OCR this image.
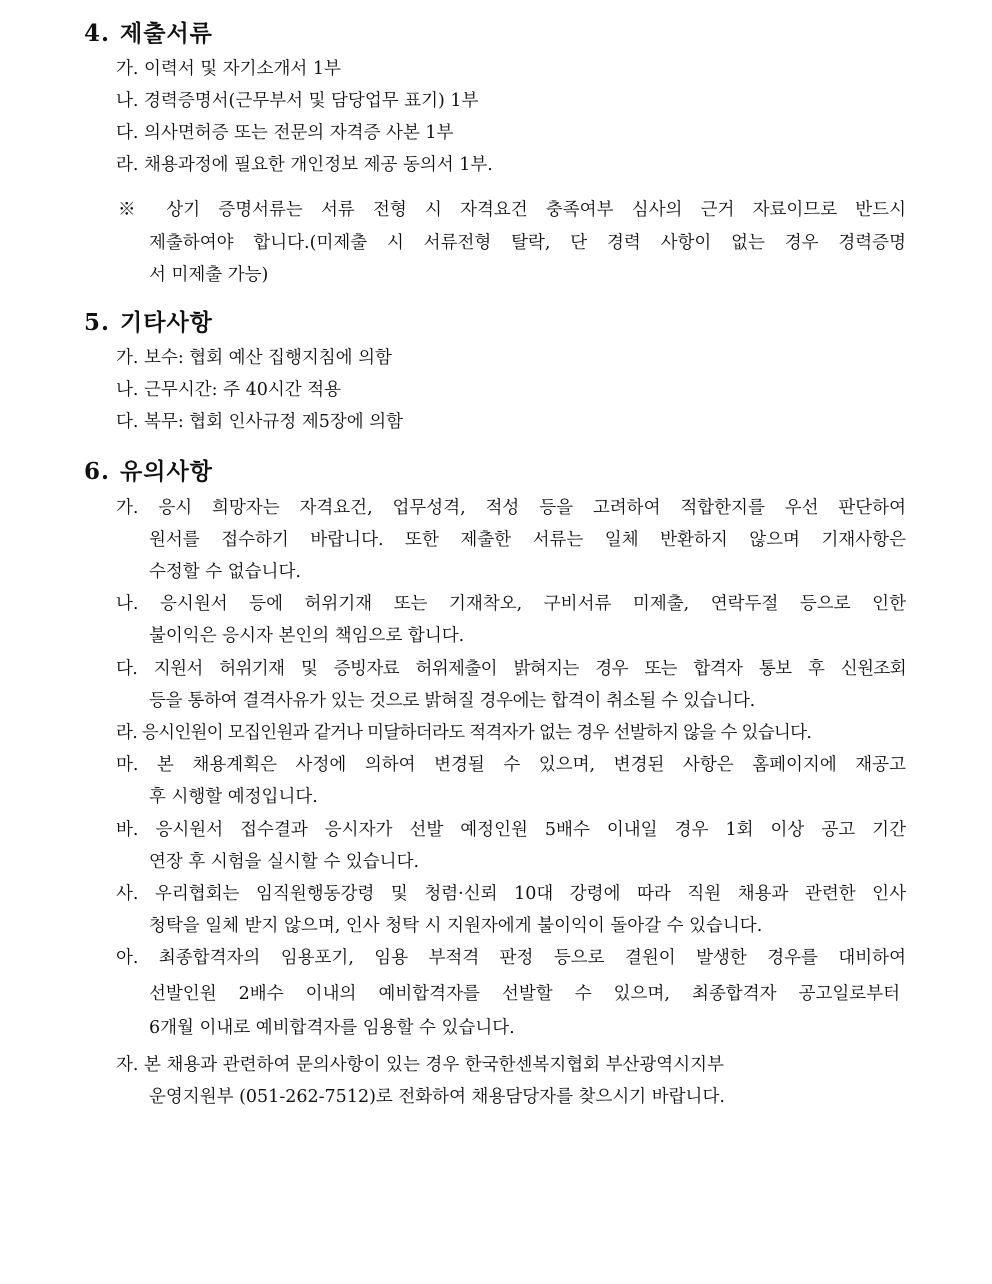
4. 제출서류

가. 이력서 및 자기소개서 1부

나. 경력증명서(근무부서 및 담당업무 표기) 1부

다. 의사면허증 또는 전문의 자격증 사본 1부

라. 채용과정에 필요한 개인정보 제공 동의서 1부.

※ 상기 증명서류는 서류 전형 시 자격요건 충족여부 심사의 근거 자료이므로 반드시

제출하여야 합니다.(미제출 시 서류전형 탈락, 단 경력 사항이 없는 경우 경력증명

서 미제출 가능)

5. 기타사항

가. 보수: 협회 예산 집행지침에 의함

나. 근무시간: 주 40시간 적용

다. 복무: 협회 인사규정 제5장에 의함

6. 유의사항

가. 응시 희망자는 자격요건, 업무성격, 적성 등을 고려하여 적합한지를 우선 판단하여

원서를 접수하기 바랍니다. 또한 제출한 서류는 일체 반환하지 않으며 기재사항은

수정할 수 없습니다.

나. 응시원서 등에 허위기재 또는 기재착오, 구비서류 미제출, 연락두절 등으로 인한

불이익은 응시자 본인의 책임으로 합니다.

다. 지원서 허위기재 및 증빙자료 허위제출이 밝혀지는 경우 또는 합격자 통보 후 신원조회

등을 통하여 결격사유가 있는 것으로 밝혀질 경우에는 합격이 취소될 수 있습니다.

라. 응시인원이 모집인원과 같거나 미달하더라도 적격자가 없는 경우 선발하지 않을 수 있습니다.

마. 본 채용계획은 사정에 의하여 변경될 수 있으며, 변경된 사항은 홈페이지에 재공고

후 시행할 예정입니다.

바. 응시원서 접수결과 응시자가 선발 예정인원 5배수 이내일 경우 1회 이상 공고 기간

연장 후 시험을 실시할 수 있습니다.

사. 우리협회는 임직원행동강령 및 청렴·신뢰 10대 강령에 따라 직원 채용과 관련한 인사

청탁을 일체 받지 않으며, 인사 청탁 시 지원자에게 불이익이 돌아갈 수 있습니다.

아. 최종합격자의 임용포기, 임용 부적격 판정 등으로 결원이 발생한 경우를 대비하여

선발인원 2배수 이내의 예비합격자를 선발할 수 있으며, 최종합격자 공고일로부터

6개월 이내로 예비합격자를 임용할 수 있습니다.

자. 본 채용과 관련하여 문의사항이 있는 경우 한국한센복지협회 부산광역시지부

운영지원부 (051-262-7512)로 전화하여 채용담당자를 찾으시기 바랍니다.
